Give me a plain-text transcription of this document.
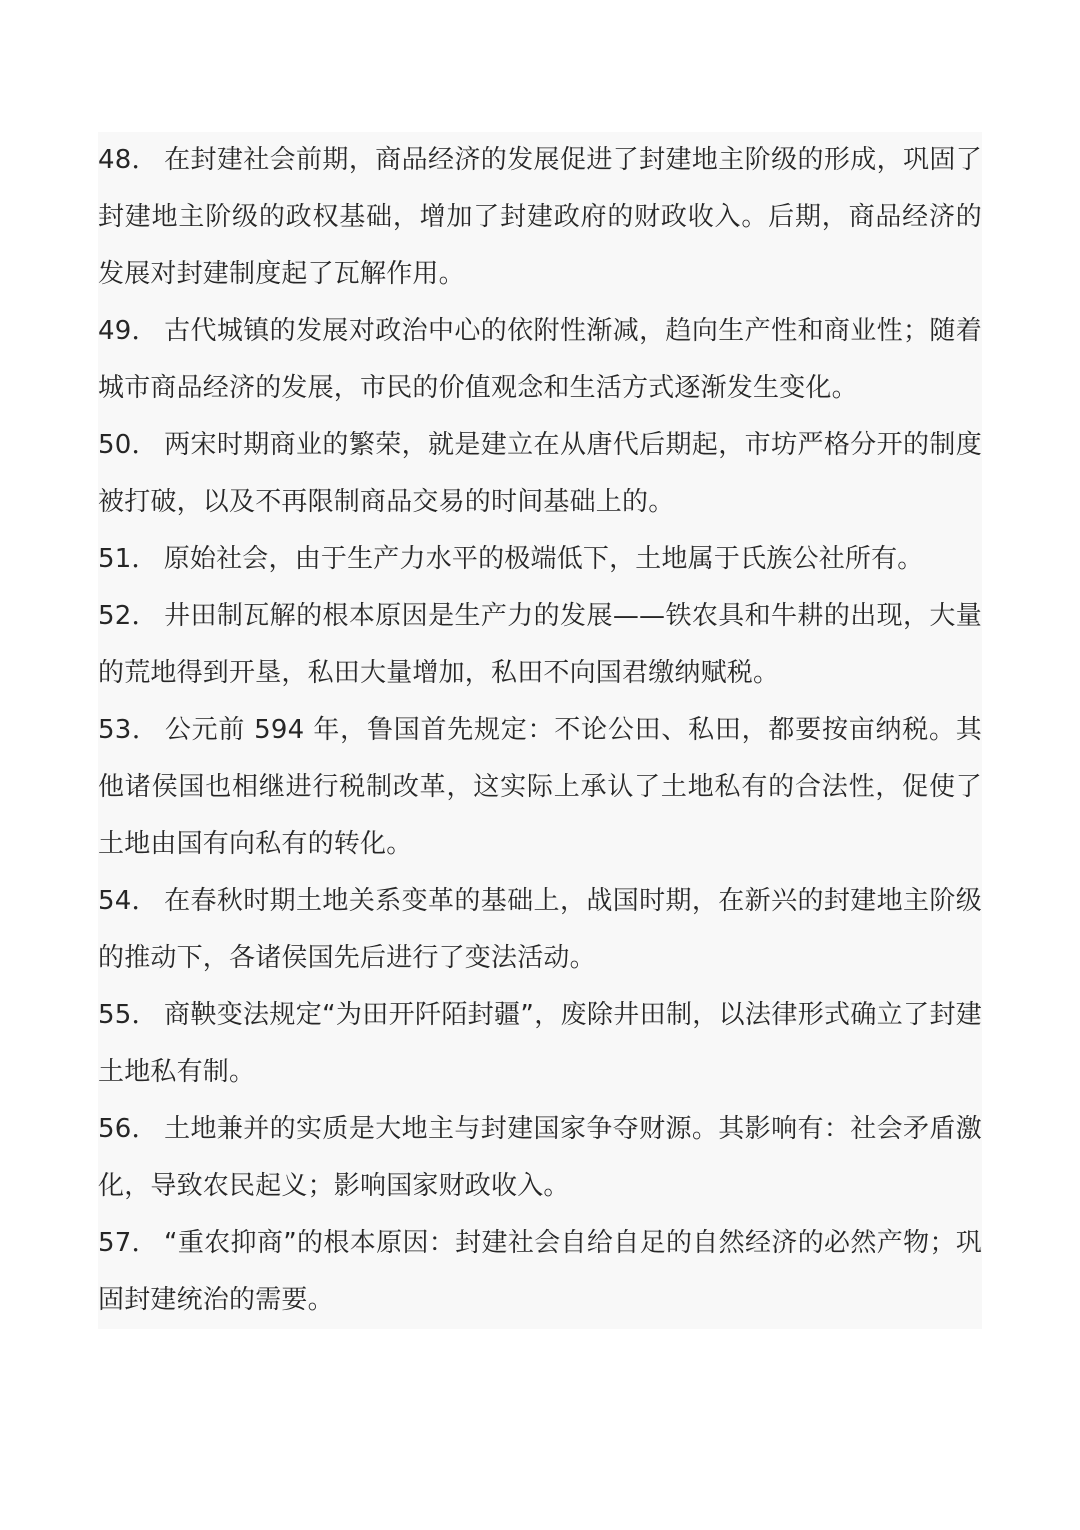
48． 在封建社会前期，商品经济的发展促进了封建地主阶级的形成，巩固了封建地主阶级的政权基础，增加了封建政府的财政收入。后期，商品经济的发展对封建制度起了瓦解作用。

49． 古代城镇的发展对政治中心的依附性渐减，趋向生产性和商业性；随着城市商品经济的发展，市民的价值观念和生活方式逐渐发生变化。

50． 两宋时期商业的繁荣，就是建立在从唐代后期起，市坊严格分开的制度被打破，以及不再限制商品交易的时间基础上的。

51． 原始社会，由于生产力水平的极端低下，土地属于氏族公社所有。

52． 井田制瓦解的根本原因是生产力的发展——铁农具和牛耕的出现，大量的荒地得到开垦，私田大量增加，私田不向国君缴纳赋税。

53． 公元前 594 年，鲁国首先规定：不论公田、私田，都要按亩纳税。其他诸侯国也相继进行税制改革，这实际上承认了土地私有的合法性，促使了土地由国有向私有的转化。

54． 在春秋时期土地关系变革的基础上，战国时期，在新兴的封建地主阶级的推动下，各诸侯国先后进行了变法活动。

55． 商鞅变法规定“为田开阡陌封疆”，废除井田制，以法律形式确立了封建土地私有制。

56． 土地兼并的实质是大地主与封建国家争夺财源。其影响有：社会矛盾激化，导致农民起义；影响国家财政收入。

57． “重农抑商”的根本原因：封建社会自给自足的自然经济的必然产物；巩固封建统治的需要。
